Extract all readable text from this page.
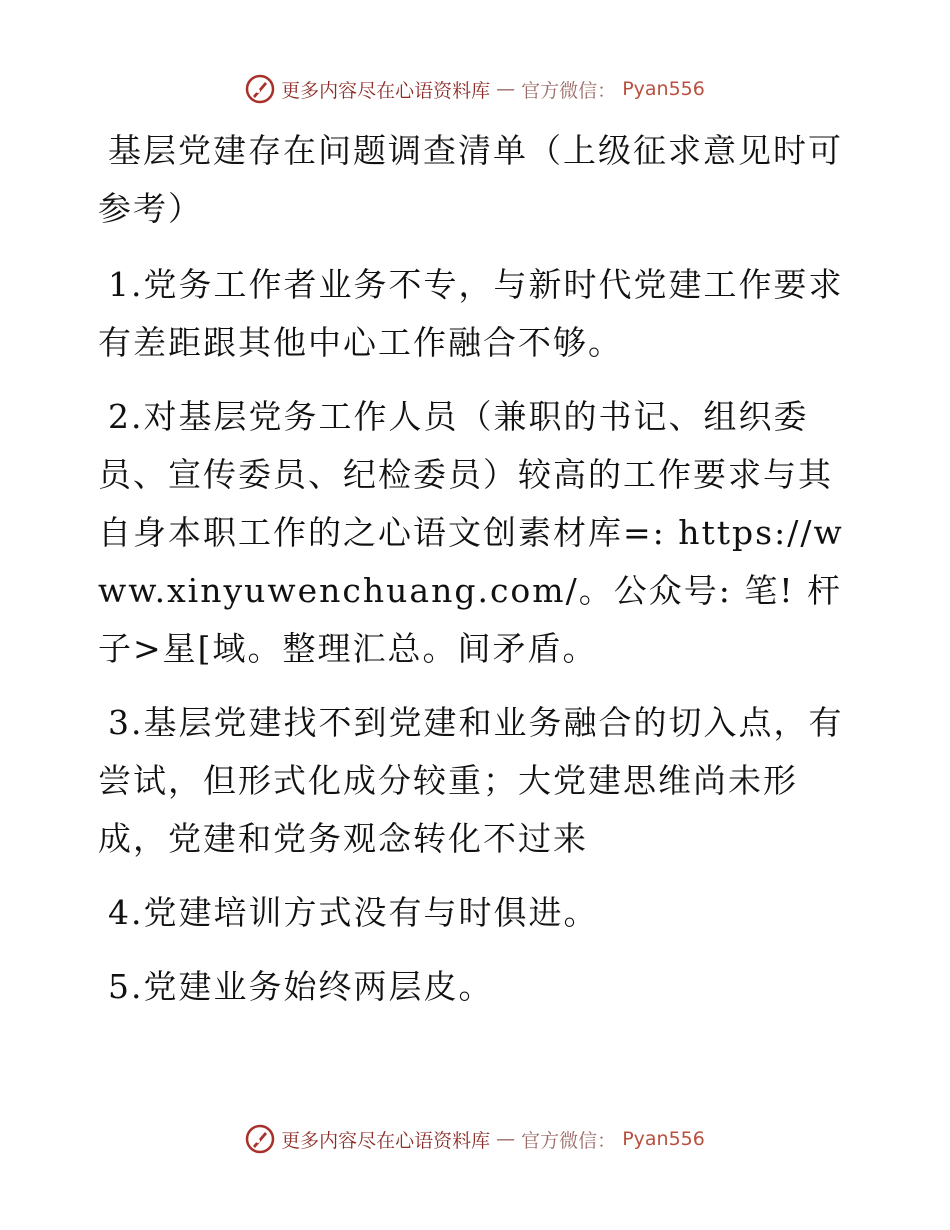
更多内容尽在心语资料库 — 官方微信： Pyan556

基层党建存在问题调查清单（上级征求意见时可参考）

1.党务工作者业务不专，与新时代党建工作要求有差距跟其他中心工作融合不够。

2.对基层党务工作人员（兼职的书记、组织委员、宣传委员、纪检委员）较高的工作要求与其自身本职工作的之心语文创素材库=: https://www.xinyuwenchuang.com/。公众号: 笔! 杆子>星[域。整理汇总。间矛盾。

3.基层党建找不到党建和业务融合的切入点，有尝试，但形式化成分较重；大党建思维尚未形成，党建和党务观念转化不过来

4.党建培训方式没有与时俱进。

5.党建业务始终两层皮。

更多内容尽在心语资料库 — 官方微信： Pyan556
